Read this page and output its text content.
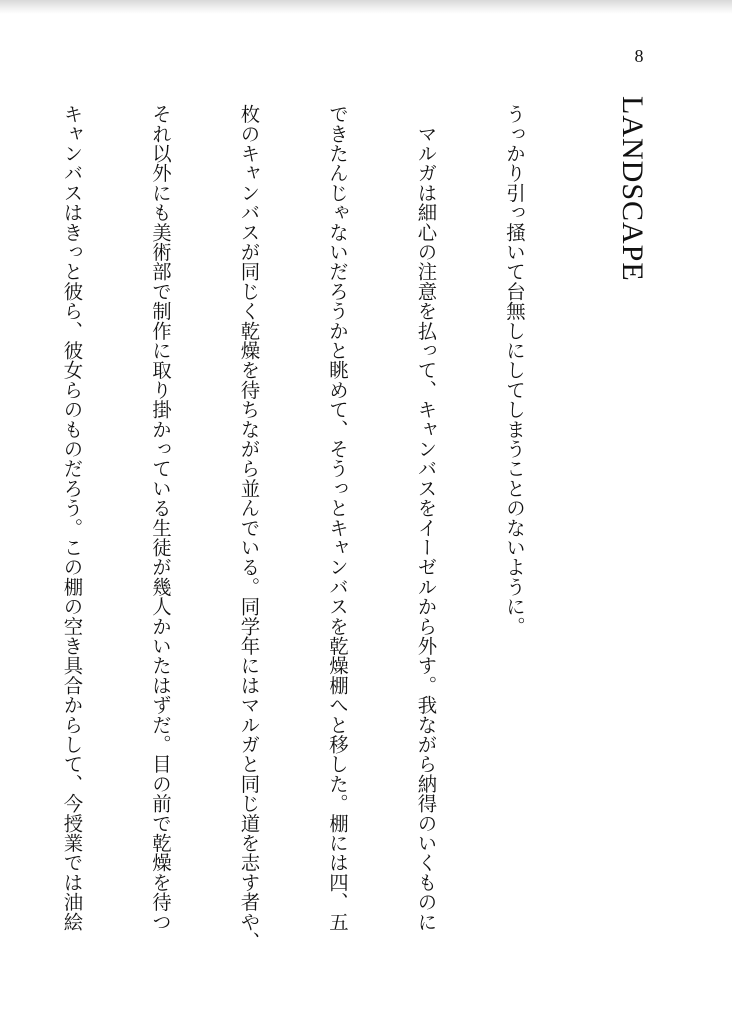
8
LANDSCAPE

うっかり引っ掻いて台無しにしてしまうことのないように。

　マルガは細心の注意を払って、キャンバスをイーゼルから外す。我ながら納得のいくものに

できたんじゃないだろうかと眺めて、そうっとキャンバスを乾燥棚へと移した。棚には四、五

枚のキャンバスが同じく乾燥を待ちながら並んでいる。同学年にはマルガと同じ道を志す者や、

それ以外にも美術部で制作に取り掛かっている生徒が幾人かいたはずだ。目の前で乾燥を待つ

キャンバスはきっと彼ら、彼女らのものだろう。この棚の空き具合からして、今授業では油絵
